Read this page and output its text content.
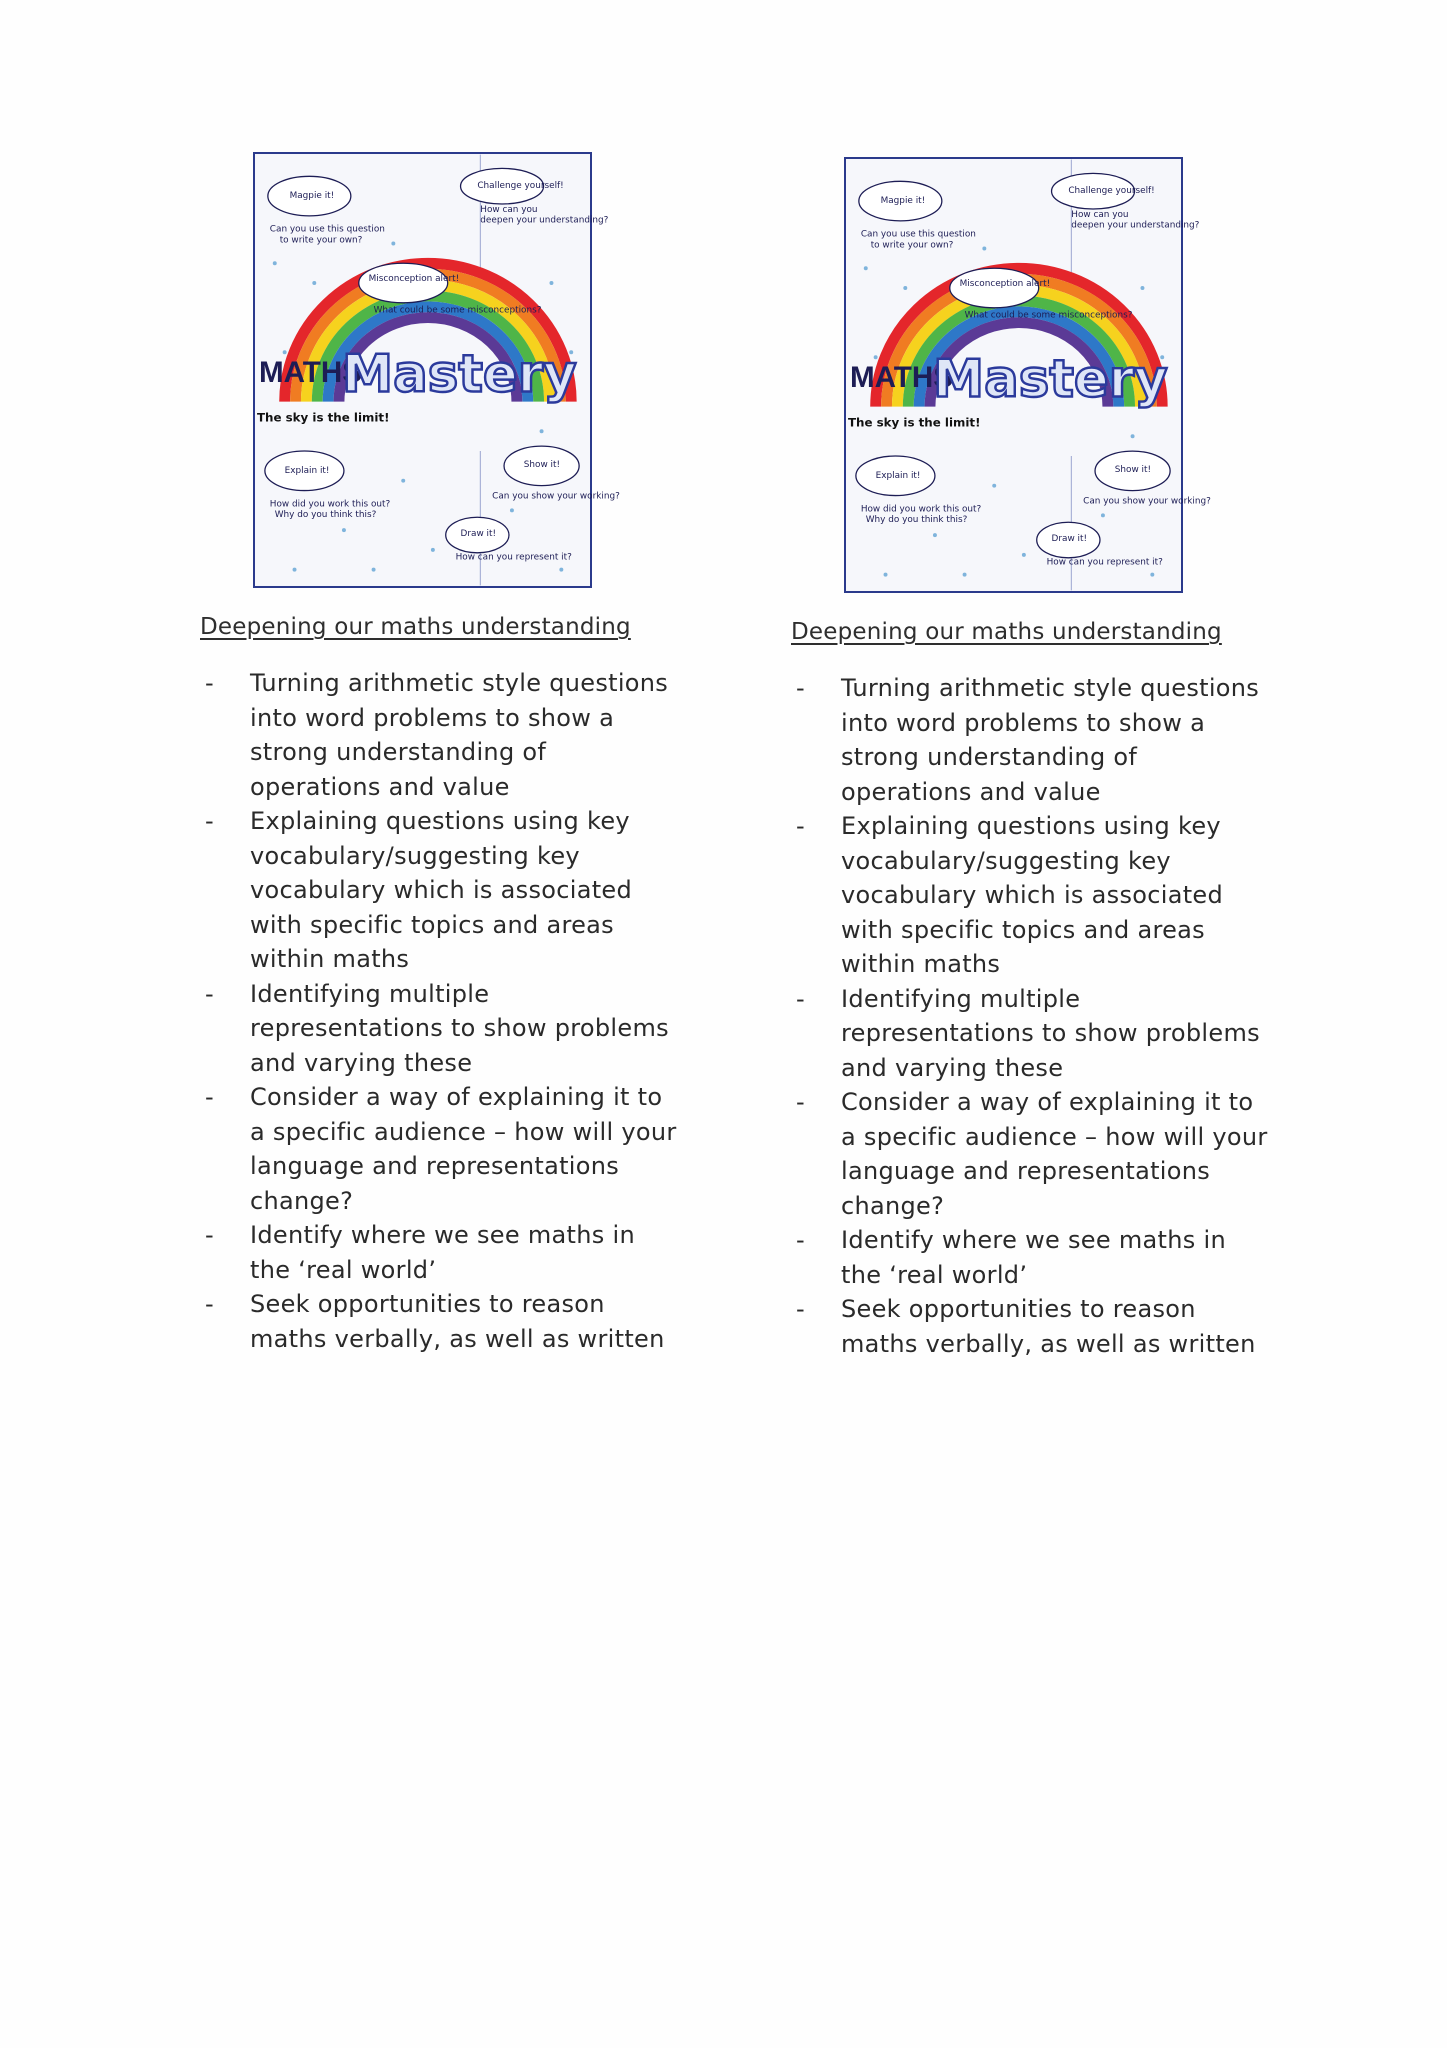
Magpie it!
Can you use this question
to write your own?
Challenge yourself!
How can you
deepen your understanding?
Misconception alert!
What could be some misconceptions?
Explain it!
How did you work this out?
Why do you think this?
Show it!
Can you show your working?
Draw it!
How can you represent it?
MATHS
Mastery
The sky is the limit!
Deepening our maths understanding
- Turning arithmetic style questions into word problems to show a strong understanding of operations and value
- Explaining questions using key vocabulary/suggesting key vocabulary which is associated with specific topics and areas within maths
- Identifying multiple representations to show problems and varying these
- Consider a way of explaining it to a specific audience – how will your language and representations change?
- Identify where we see maths in the ‘real world’
- Seek opportunities to reason maths verbally, as well as written
Magpie it!
Can you use this question
to write your own?
Challenge yourself!
How can you
deepen your understanding?
Misconception alert!
What could be some misconceptions?
Explain it!
How did you work this out?
Why do you think this?
Show it!
Can you show your working?
Draw it!
How can you represent it?
MATHS
Mastery
The sky is the limit!
Deepening our maths understanding
- Turning arithmetic style questions into word problems to show a strong understanding of operations and value
- Explaining questions using key vocabulary/suggesting key vocabulary which is associated with specific topics and areas within maths
- Identifying multiple representations to show problems and varying these
- Consider a way of explaining it to a specific audience – how will your language and representations change?
- Identify where we see maths in the ‘real world’
- Seek opportunities to reason maths verbally, as well as written
